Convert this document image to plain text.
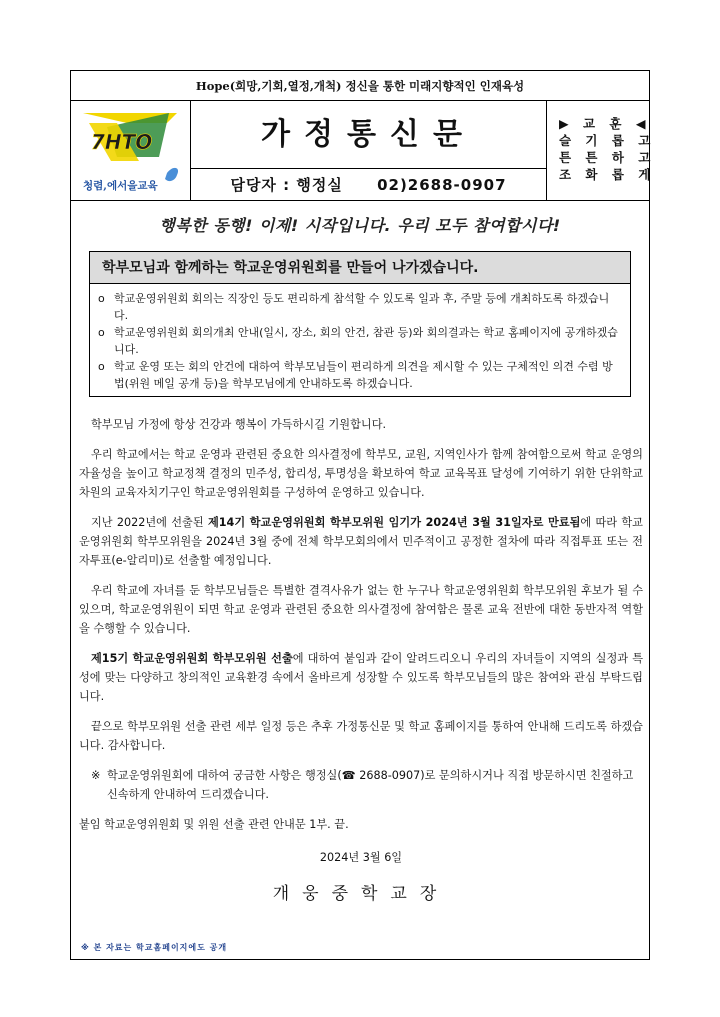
Hope(희망,기회,열정,개척) 정신을 통한 미래지향적인 인재육성
7HTO
청렴,에서을교육
가정통신문
담당자 : 행정실 02)2688-0907
▶ 교 훈 ◀
슬 기 롭 고
튼 튼 하 고
조 화 롭 게
행복한 동행! 이제! 시작입니다. 우리 모두 참여합시다!
학부모님과 함께하는 학교운영위원회를 만들어 나가겠습니다.
o 학교운영위원회 회의는 직장인 등도 편리하게 참석할 수 있도록 일과 후, 주말 등에 개최하도록 하겠습니다.
o 학교운영위원회 회의개최 안내(일시, 장소, 회의 안건, 참관 등)와 회의결과는 학교 홈페이지에 공개하겠습니다.
o 학교 운영 또는 회의 안건에 대하여 학부모님들이 편리하게 의견을 제시할 수 있는 구체적인 의견 수렴 방법(위원 메일 공개 등)을 학부모님에게 안내하도록 하겠습니다.

학부모님 가정에 항상 건강과 행복이 가득하시길 기원합니다.

우리 학교에서는 학교 운영과 관련된 중요한 의사결정에 학부모, 교원, 지역인사가 함께 참여함으로써 학교 운영의 자율성을 높이고 학교정책 결정의 민주성, 합리성, 투명성을 확보하여 학교 교육목표 달성에 기여하기 위한 단위학교 차원의 교육자치기구인 학교운영위원회를 구성하여 운영하고 있습니다.

지난 2022년에 선출된 제14기 학교운영위원회 학부모위원 임기가 2024년 3월 31일자로 만료됨에 따라 학교운영위원회 학부모위원을 2024년 3월 중에 전체 학부모회의에서 민주적이고 공정한 절차에 따라 직접투표 또는 전자투표(e-알리미)로 선출할 예정입니다.

우리 학교에 자녀를 둔 학부모님들은 특별한 결격사유가 없는 한 누구나 학교운영위원회 학부모위원 후보가 될 수 있으며, 학교운영위원이 되면 학교 운영과 관련된 중요한 의사결정에 참여함은 물론 교육 전반에 대한 동반자적 역할을 수행할 수 있습니다.

제15기 학교운영위원회 학부모위원 선출에 대하여 붙임과 같이 알려드리오니 우리의 자녀들이 지역의 실정과 특성에 맞는 다양하고 창의적인 교육환경 속에서 올바르게 성장할 수 있도록 학부모님들의 많은 참여와 관심 부탁드립니다.

끝으로 학부모위원 선출 관련 세부 일정 등은 추후 가정통신문 및 학교 홈페이지를 통하여 안내해 드리도록 하겠습니다. 감사합니다.

※ 학교운영위원회에 대하여 궁금한 사항은 행정실(☎ 2688-0907)로 문의하시거나 직접 방문하시면 친절하고 신속하게 안내하여 드리겠습니다.

붙임 학교운영위원회 및 위원 선출 관련 안내문 1부. 끝.

2024년 3월 6일

개웅중학교장

※ 본 자료는 학교홈페이지에도 공개
